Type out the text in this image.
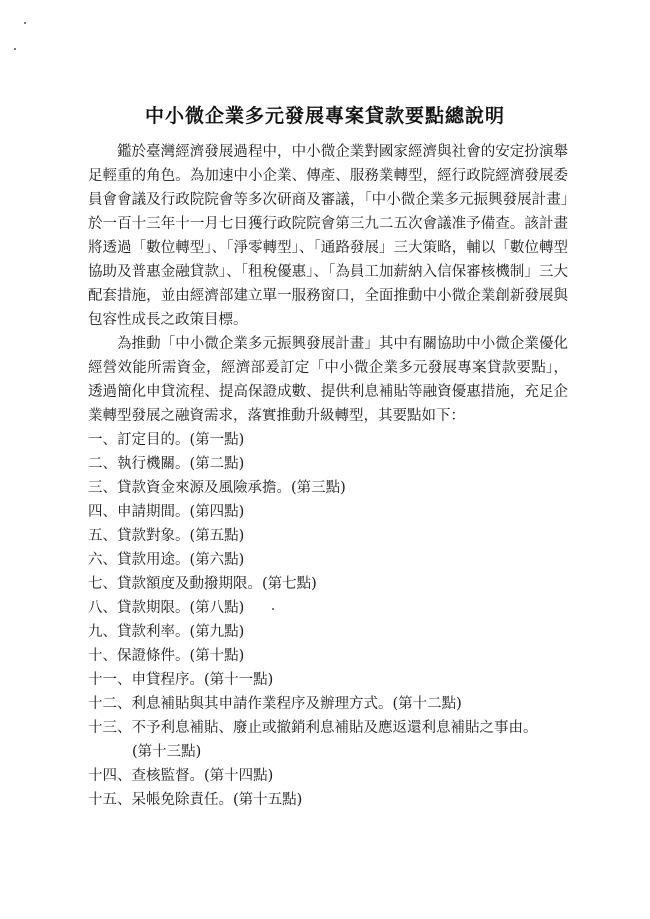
中小微企業多元發展專案貸款要點總說明

鑑於臺灣經濟發展過程中，中小微企業對國家經濟與社會的安定扮演舉足輕重的角色。為加速中小企業、傳產、服務業轉型，經行政院經濟發展委員會會議及行政院院會等多次研商及審議，「中小微企業多元振興發展計畫」於一百十三年十一月七日獲行政院院會第三九二五次會議准予備查。該計畫將透過「數位轉型」、「淨零轉型」、「通路發展」三大策略，輔以「數位轉型協助及普惠金融貸款」、「租稅優惠」、「為員工加薪納入信保審核機制」三大配套措施，並由經濟部建立單一服務窗口，全面推動中小微企業創新發展與包容性成長之政策目標。

為推動「中小微企業多元振興發展計畫」其中有關協助中小微企業優化經營效能所需資金，經濟部爰訂定「中小微企業多元發展專案貸款要點」，透過簡化申貸流程、提高保證成數、提供利息補貼等融資優惠措施，充足企業轉型發展之融資需求，落實推動升級轉型，其要點如下：

一、訂定目的。(第一點)
二、執行機關。(第二點)
三、貸款資金來源及風險承擔。(第三點)
四、申請期間。(第四點)
五、貸款對象。(第五點)
六、貸款用途。(第六點)
七、貸款額度及動撥期限。(第七點)
八、貸款期限。(第八點)
九、貸款利率。(第九點)
十、保證條件。(第十點)
十一、申貸程序。(第十一點)
十二、利息補貼與其申請作業程序及辦理方式。(第十二點)
十三、不予利息補貼、廢止或撤銷利息補貼及應返還利息補貼之事由。
(第十三點)
十四、查核監督。(第十四點)
十五、呆帳免除責任。(第十五點)
